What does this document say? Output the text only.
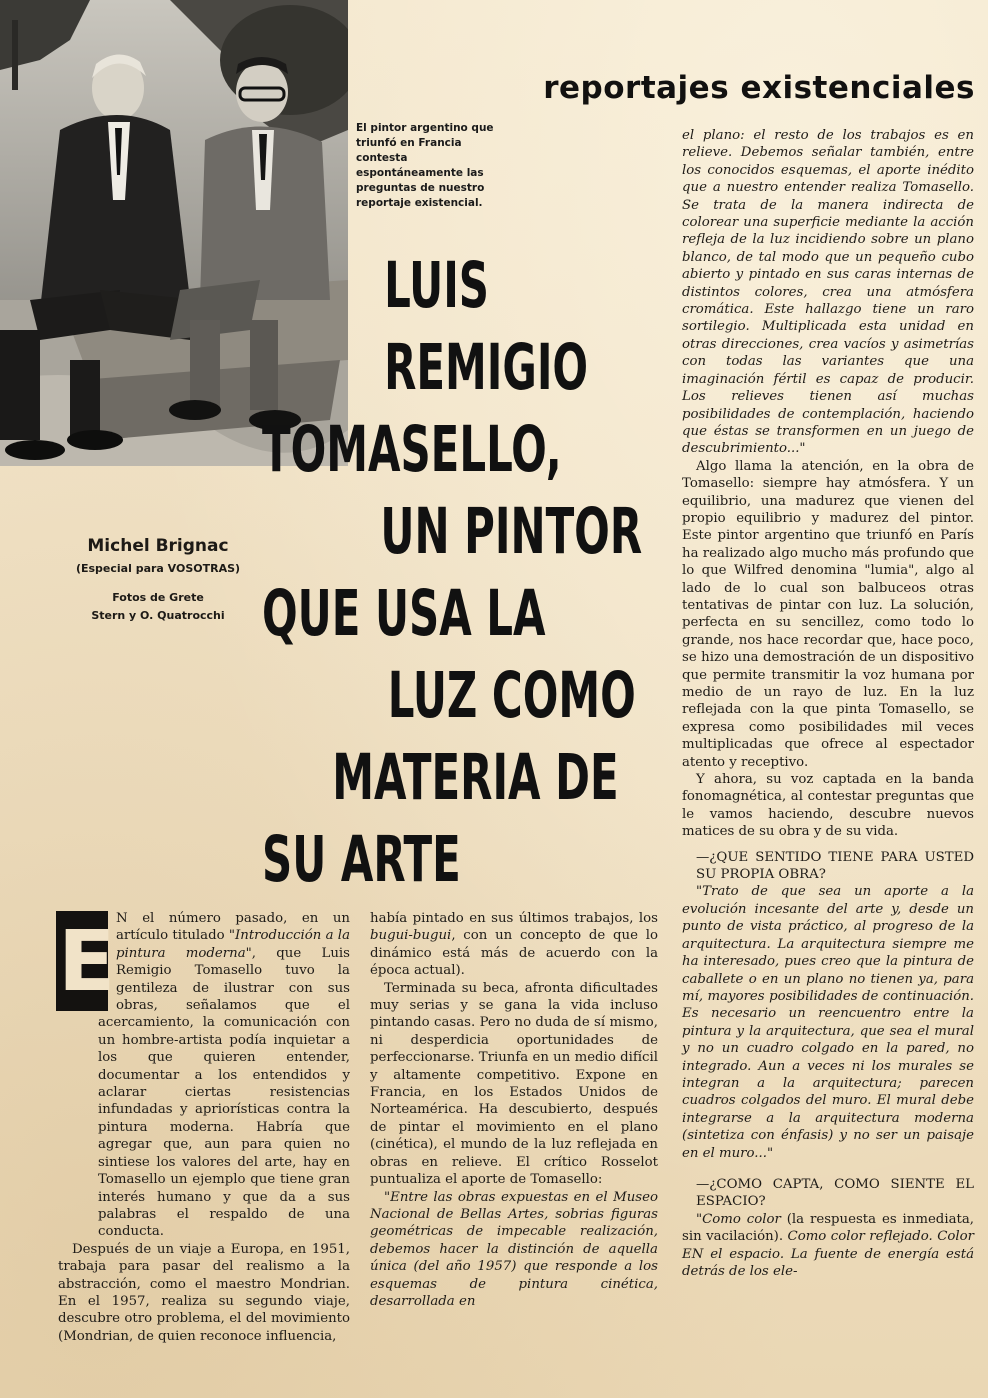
reportajes existenciales
El pintor argentino que triunfó en Francia contesta espontáneamente las preguntas de nuestro reportaje existencial.
LUIS
REMIGIO
TOMASELLO,
UN PINTOR
QUE USA LA
LUZ COMO
MATERIA DE
SU ARTE
Michel Brignac
(Especial para VOSOTRAS)
Fotos de Grete
Stern y O. Quatrocchi

E N el número pasado, en un artículo titulado "Introducción a la pintura moderna", que Luis Remigio Tomasello tuvo la gentileza de ilustrar con sus obras, señalamos que el acercamiento, la comunicación con un hombre-artista podía inquietar a los que quieren entender, documentar a los entendidos y aclarar ciertas resistencias infundadas y apriorísticas contra la pintura moderna. Habría que agregar que, aun para quien no sintiese los valores del arte, hay en Tomasello un ejemplo que tiene gran interés humano y que da a sus palabras el respaldo de una conducta.

Después de un viaje a Europa, en 1951, trabaja para pasar del realismo a la abstracción, como el maestro Mondrian. En el 1957, realiza su segundo viaje, descubre otro problema, el del movimiento (Mondrian, de quien reconoce influencia,

había pintado en sus últimos trabajos, los bugui-bugui, con un concepto de que lo dinámico está más de acuerdo con la época actual).

Terminada su beca, afronta dificultades muy serias y se gana la vida incluso pintando casas. Pero no duda de sí mismo, ni desperdicia oportunidades de perfeccionarse. Triunfa en un medio difícil y altamente competitivo. Expone en Francia, en los Estados Unidos de Norteamérica. Ha descubierto, después de pintar el movimiento en el plano (cinética), el mundo de la luz reflejada en obras en relieve. El crítico Rosselot puntualiza el aporte de Tomasello:

"Entre las obras expuestas en el Museo Nacional de Bellas Artes, sobrias figuras geométricas de impecable realización, debemos hacer la distinción de aquella única (del año 1957) que responde a los esquemas de pintura cinética, desarrollada en

el plano: el resto de los trabajos es en relieve. Debemos señalar también, entre los conocidos esquemas, el aporte inédito que a nuestro entender realiza Tomasello. Se trata de la manera indirecta de colorear una superficie mediante la acción refleja de la luz incidiendo sobre un plano blanco, de tal modo que un pequeño cubo abierto y pintado en sus caras internas de distintos colores, crea una atmósfera cromática. Este hallazgo tiene un raro sortilegio. Multiplicada esta unidad en otras direcciones, crea vacíos y asimetrías con todas las variantes que una imaginación fértil es capaz de producir. Los relieves tienen así muchas posibilidades de contemplación, haciendo que éstas se transformen en un juego de descubrimiento..."

Algo llama la atención, en la obra de Tomasello: siempre hay atmósfera. Y un equilibrio, una madurez que vienen del propio equilibrio y madurez del pintor. Este pintor argentino que triunfó en París ha realizado algo mucho más profundo que lo que Wilfred denomina "lumia", algo al lado de lo cual son balbuceos otras tentativas de pintar con luz. La solución, perfecta en su sencillez, como todo lo grande, nos hace recordar que, hace poco, se hizo una demostración de un dispositivo que permite transmitir la voz humana por medio de un rayo de luz. En la luz reflejada con la que pinta Tomasello, se expresa como posibilidades mil veces multiplicadas que ofrece al espectador atento y receptivo.

Y ahora, su voz captada en la banda fonomagnética, al contestar preguntas que le vamos haciendo, descubre nuevos matices de su obra y de su vida.

—¿QUE SENTIDO TIENE PARA USTED SU PROPIA OBRA?

"Trato de que sea un aporte a la evolución incesante del arte y, desde un punto de vista práctico, al progreso de la arquitectura. La arquitectura siempre me ha interesado, pues creo que la pintura de caballete o en un plano no tienen ya, para mí, mayores posibilidades de continuación. Es necesario un reencuentro entre la pintura y la arquitectura, que sea el mural y no un cuadro colgado en la pared, no integrado. Aun a veces ni los murales se integran a la arquitectura; parecen cuadros colgados del muro. El mural debe integrarse a la arquitectura moderna (sintetiza con énfasis) y no ser un paisaje en el muro..."

—¿COMO CAPTA, COMO SIENTE EL ESPACIO?

"Como color (la respuesta es inmediata, sin vacilación). Como color reflejado. Color EN el espacio. La fuente de energía está detrás de los ele-
